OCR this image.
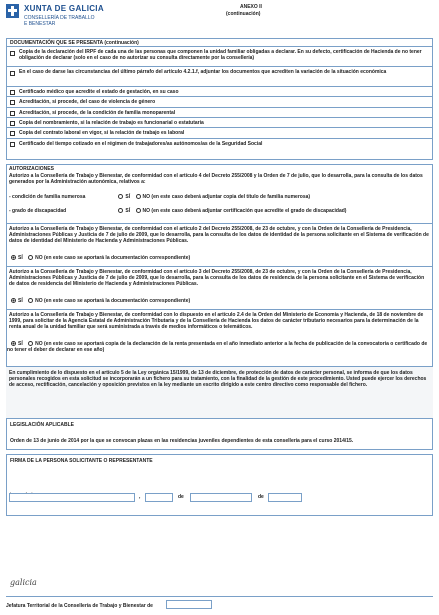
XUNTA DE GALICIA
CONSELLERÍA DE TRABALLO
E BENESTAR
ANEXO II
(continuación)
DOCUMENTACIÓN QUE SE PRESENTA (continuación)
Copia de la declaración del IRPF de cada una de las personas que componen la unidad familiar obligadas a declarar. En su defecto, certificación de Hacienda de no tener obligación de declarar (solo en el caso de no autorizar su consulta directamente por la consellería)
En el caso de darse las circunstancias del último párrafo del artículo 4.2.1.f, adjuntar los documentos que acrediten la variación de la situación económica
Certificado médico que acredite el estado de gestación, en su caso
Acreditación, si procede, del caso de violencia de género
Acreditación, si procede, de la condición de familia monoparental
Copia del nombramiento, si la relación de trabajo es funcionarial o estatutaria
Copia del contrato laboral en vigor, si la relación de trabajo es laboral
Certificado del tiempo cotizado en el régimen de trabajadores/as autónomos/as de la Seguridad Social
AUTORIZACIONES
Autorizo a la Consellería de Trabajo y Bienestar, de conformidad con el artículo 4 del Decreto 255/2008 y la Orden de 7 de julio, que lo desarrolla, para la consulta de los datos generados por la Administración autonómica, relativos a:
- condición de familia numerosa	SÍ NO (en este caso deberá adjuntar copia del título de familia numerosa)
- grado de discapacidad	SÍ NO (en este caso deberá adjuntar certificación que acredite el grado de discapacidad)
Autorizo a la Consellería de Trabajo y Bienestar, de conformidad con el artículo 2 del Decreto 255/2008, de 23 de octubre, y con la Orden de la Consellería de Presidencia, Administraciones Públicas y Justicia de 7 de julio de 2009, que lo desarrolla, para la consulta de los datos de identidad de la persona solicitante en el Sistema de verificación de datos de identidad del Ministerio de Hacienda y Administraciones Públicas.
SÍ NO (en este caso se aportará la documentación correspondiente)
Autorizo a la Consellería de Trabajo y Bienestar, de conformidad con el artículo 3 del Decreto 255/2008, de 23 de octubre, y con la Orden de la Consellería de Presidencia, Administraciones Públicas y Justicia de 7 de julio de 2009, que lo desarrolla, para la consulta de los datos de residencia de la persona solicitante en el Sistema de verificación de datos de residencia del Ministerio de Hacienda y Administraciones Públicas.
SÍ NO (en este caso se aportará la documentación correspondiente)
Autorizo a la Consellería de Trabajo y Bienestar, de conformidad con lo dispuesto en el artículo 2.4 de la Orden del Ministerio de Economía y Hacienda, de 18 de noviembre de 1999, para solicitar de la Agencia Estatal de Administración Tributaria y de la Consellería de Hacienda los datos de carácter tributario necesarios para la determinación de la renta anual de la unidad familiar que será suministrada a través de medios informáticos o telemáticos.
SÍ NO (en este caso se aportará copia de la declaración de la renta presentada en el año inmediato anterior a la fecha de publicación de la convocatoria o certificado de no tener el deber de declarar en ese año)
En cumplimiento de lo dispuesto en el artículo 5 de la Ley orgánica 15/1999, de 13 de diciembre, de protección de datos de carácter personal, se informa de que los datos personales recogidos en esta solicitud se incorporarán a un fichero para su tratamiento, con la finalidad de la gestión de este procedimiento. Usted puede ejercer los derechos de acceso, rectificación, cancelación y oposición previstos en la ley mediante un escrito dirigido a este centro directivo como responsable del fichero.
LEGISLACIÓN APLICABLE
Orden de 13 de junio de 2014 por la que se convocan plazas en las residencias juveniles dependientes de esta consellería para el curso 2014/15.
FIRMA DE LA PERSONA SOLICITANTE O REPRESENTANTE
,	de	de
galicia
Jefatura Territorial de la Consellería de Trabajo y Bienestar de
